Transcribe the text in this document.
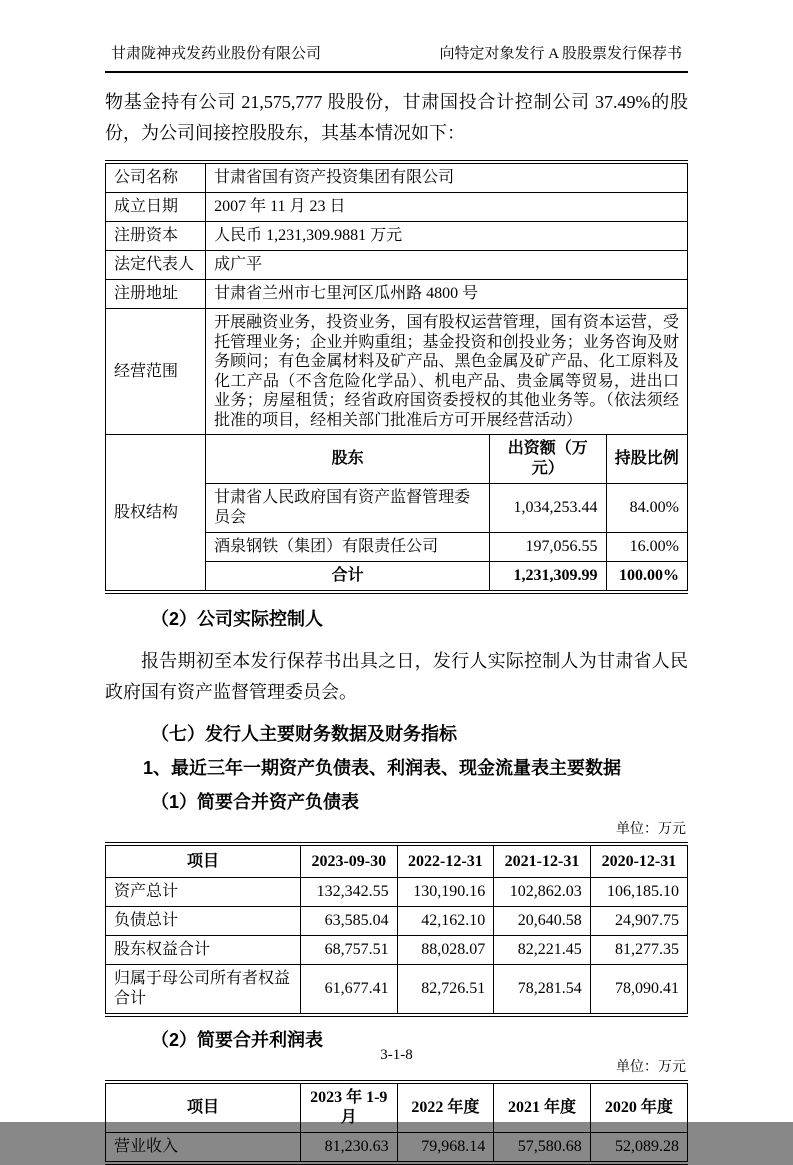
甘肃陇神戎发药业股份有限公司	向特定对象发行 A 股股票发行保荐书

物基金持有公司 21,575,777 股股份，甘肃国投合计控制公司 37.49%的股份，为公司间接控股股东，其基本情况如下：

公司名称	甘肃省国有资产投资集团有限公司		
成立日期	2007 年 11 月 23 日		
注册资本	人民币 1,231,309.9881 万元		
法定代表人	成广平		
注册地址	甘肃省兰州市七里河区瓜州路 4800 号		
经营范围	开展融资业务，投资业务，国有股权运营管理，国有资本运营，受托管理业务；企业并购重组；基金投资和创投业务；业务咨询及财务顾问；有色金属材料及矿产品、黑色金属及矿产品、化工原料及化工产品（不含危险化学品）、机电产品、贵金属等贸易，进出口业务；房屋租赁；经省政府国资委授权的其他业务等。（依法须经批准的项目，经相关部门批准后方可开展经营活动）		
股权结构	股东	出资额（万元）	持股比例
	甘肃省人民政府国有资产监督管理委员会	1,034,253.44	84.00%
	酒泉钢铁（集团）有限责任公司	197,056.55	16.00%
	合计	1,231,309.99	100.00%
（2）公司实际控制人

报告期初至本发行保荐书出具之日，发行人实际控制人为甘肃省人民政府国有资产监督管理委员会。

（七）发行人主要财务数据及财务指标
1、最近三年一期资产负债表、利润表、现金流量表主要数据
（1）简要合并资产负债表
单位：万元
项目	2023-09-30	2022-12-31	2021-12-31	2020-12-31
资产总计	132,342.55	130,190.16	102,862.03	106,185.10
负债总计	63,585.04	42,162.10	20,640.58	24,907.75
股东权益合计	68,757.51	88,028.07	82,221.45	81,277.35
归属于母公司所有者权益合计	61,677.41	82,726.51	78,281.54	78,090.41
（2）简要合并利润表
单位：万元
项目	2023 年 1-9 月	2022 年度	2021 年度	2020 年度
营业收入	81,230.63	79,968.14	57,580.68	52,089.28
3-1-8
